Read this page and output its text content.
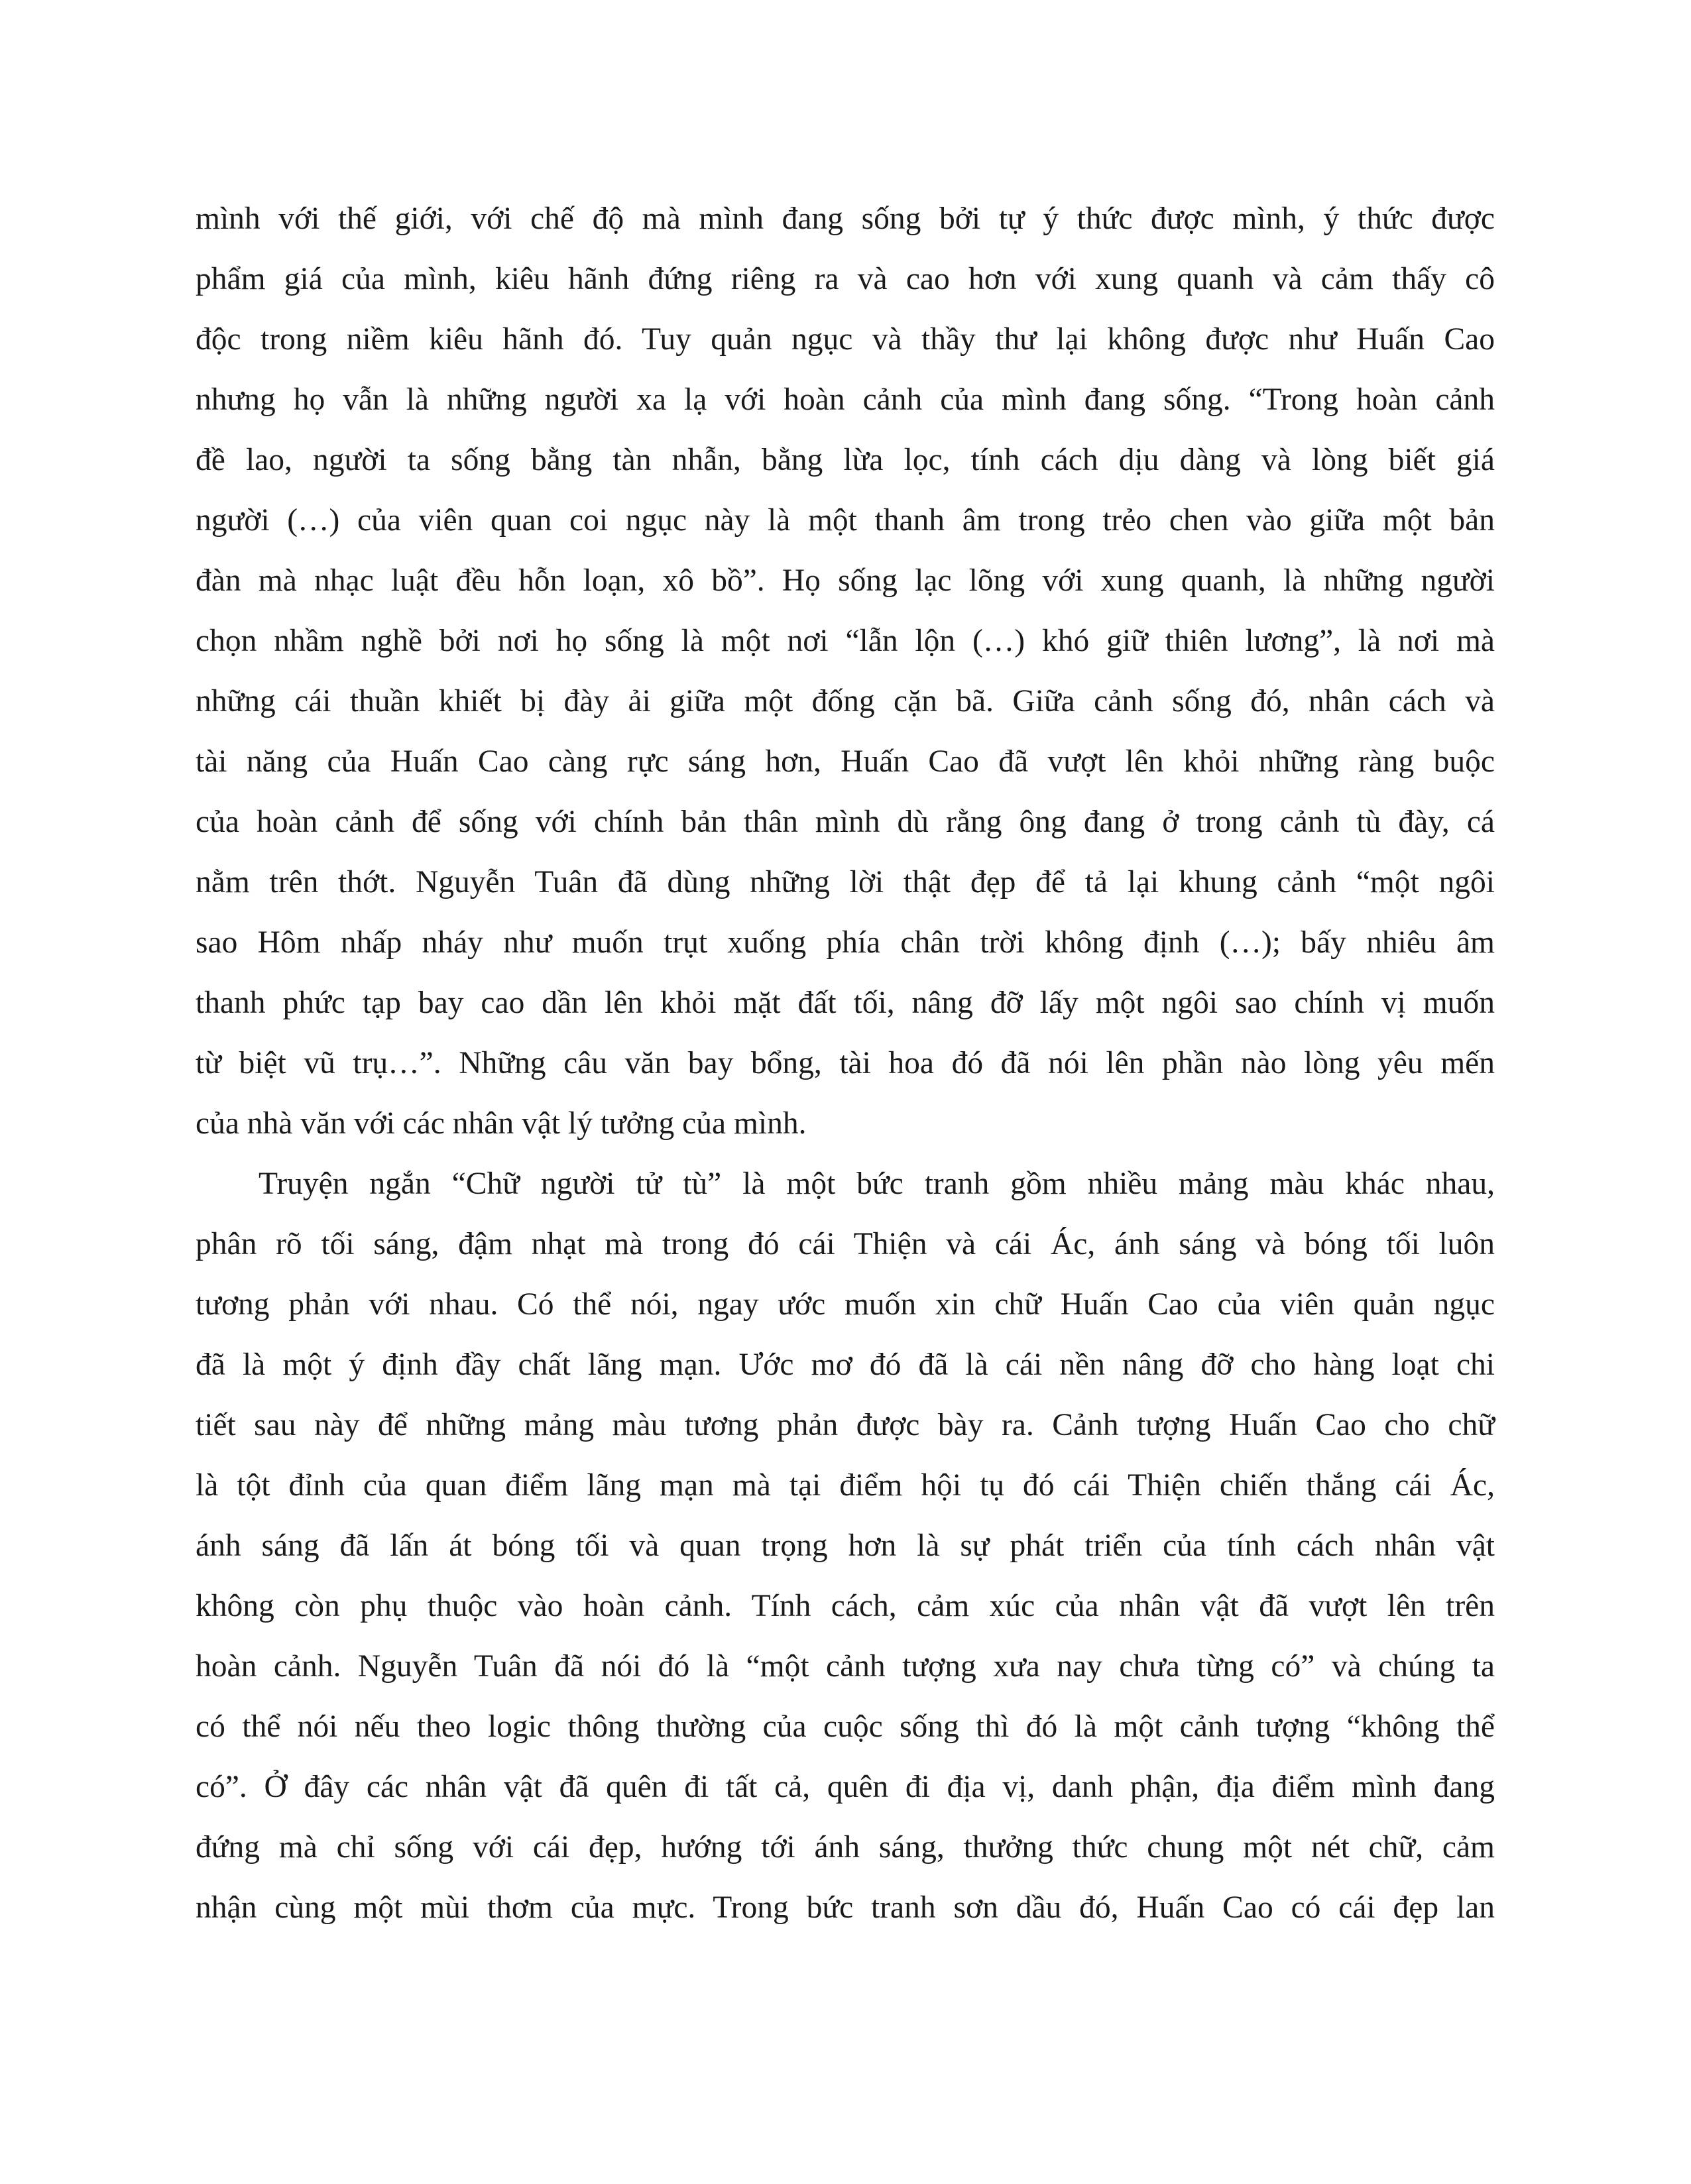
mình với thế giới, với chế độ mà mình đang sống bởi tự ý thức được mình, ý thức được
phẩm giá của mình, kiêu hãnh đứng riêng ra và cao hơn với xung quanh và cảm thấy cô
độc trong niềm kiêu hãnh đó. Tuy quản ngục và thầy thư lại không được như Huấn Cao
nhưng họ vẫn là những người xa lạ với hoàn cảnh của mình đang sống. “Trong hoàn cảnh
đề lao, người ta sống bằng tàn nhẫn, bằng lừa lọc, tính cách dịu dàng và lòng biết giá
người (…) của viên quan coi ngục này là một thanh âm trong trẻo chen vào giữa một bản
đàn mà nhạc luật đều hỗn loạn, xô bồ”. Họ sống lạc lõng với xung quanh, là những người
chọn nhầm nghề bởi nơi họ sống là một nơi “lẫn lộn (…) khó giữ thiên lương”, là nơi mà
những cái thuần khiết bị đày ải giữa một đống cặn bã. Giữa cảnh sống đó, nhân cách và
tài năng của Huấn Cao càng rực sáng hơn, Huấn Cao đã vượt lên khỏi những ràng buộc
của hoàn cảnh để sống với chính bản thân mình dù rằng ông đang ở trong cảnh tù đày, cá
nằm trên thớt. Nguyễn Tuân đã dùng những lời thật đẹp để tả lại khung cảnh “một ngôi
sao Hôm nhấp nháy như muốn trụt xuống phía chân trời không định (…); bấy nhiêu âm
thanh phức tạp bay cao dần lên khỏi mặt đất tối, nâng đỡ lấy một ngôi sao chính vị muốn
từ biệt vũ trụ…”. Những câu văn bay bổng, tài hoa đó đã nói lên phần nào lòng yêu mến
của nhà văn với các nhân vật lý tưởng của mình.
Truyện ngắn “Chữ người tử tù” là một bức tranh gồm nhiều mảng màu khác nhau,
phân rõ tối sáng, đậm nhạt mà trong đó cái Thiện và cái Ác, ánh sáng và bóng tối luôn
tương phản với nhau. Có thể nói, ngay ước muốn xin chữ Huấn Cao của viên quản ngục
đã là một ý định đầy chất lãng mạn. Ước mơ đó đã là cái nền nâng đỡ cho hàng loạt chi
tiết sau này để những mảng màu tương phản được bày ra. Cảnh tượng Huấn Cao cho chữ
là tột đỉnh của quan điểm lãng mạn mà tại điểm hội tụ đó cái Thiện chiến thắng cái Ác,
ánh sáng đã lấn át bóng tối và quan trọng hơn là sự phát triển của tính cách nhân vật
không còn phụ thuộc vào hoàn cảnh. Tính cách, cảm xúc của nhân vật đã vượt lên trên
hoàn cảnh. Nguyễn Tuân đã nói đó là “một cảnh tượng xưa nay chưa từng có” và chúng ta
có thể nói nếu theo logic thông thường của cuộc sống thì đó là một cảnh tượng “không thể
có”. Ở đây các nhân vật đã quên đi tất cả, quên đi địa vị, danh phận, địa điểm mình đang
đứng mà chỉ sống với cái đẹp, hướng tới ánh sáng, thưởng thức chung một nét chữ, cảm
nhận cùng một mùi thơm của mực. Trong bức tranh sơn dầu đó, Huấn Cao có cái đẹp lan
